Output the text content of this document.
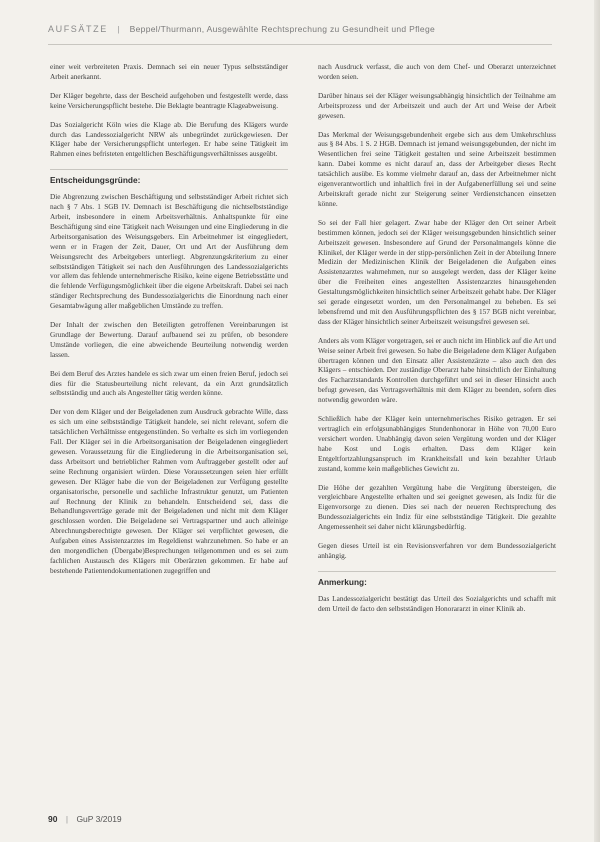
AUFSÄTZE | Beppel/Thurmann, Ausgewählte Rechtsprechung zu Gesundheit und Pflege

einer weit verbreiteten Praxis. Demnach sei ein neuer Typus selbstständiger Arbeit anerkannt.

Der Kläger begehrte, dass der Bescheid aufgehoben und festgestellt werde, dass keine Versicherungspflicht bestehe. Die Beklagte beantragte Klageabweisung.

Das Sozialgericht Köln wies die Klage ab. Die Berufung des Klägers wurde durch das Landessozialgericht NRW als unbegründet zurückgewiesen. Der Kläger habe der Versicherungspflicht unterlegen. Er habe seine Tätigkeit im Rahmen eines befristeten entgeltlichen Beschäftigungsverhältnisses ausgeübt.

Entscheidungsgründe:

Die Abgrenzung zwischen Beschäftigung und selbstständiger Arbeit richtet sich nach § 7 Abs. 1 SGB IV. Demnach ist Beschäftigung die nichtselbstständige Arbeit, insbesondere in einem Arbeitsverhältnis. Anhaltspunkte für eine Beschäftigung sind eine Tätigkeit nach Weisungen und eine Eingliederung in die Arbeitsorganisation des Weisungsgebers. Ein Arbeitnehmer ist eingegliedert, wenn er in Fragen der Zeit, Dauer, Ort und Art der Ausführung dem Weisungsrecht des Arbeitgebers unterliegt. Abgrenzungskriterium zu einer selbstständigen Tätigkeit sei nach den Ausführungen des Landessozialgerichts vor allem das fehlende unternehmerische Risiko, keine eigene Betriebsstätte und die fehlende Verfügungsmöglichkeit über die eigene Arbeitskraft. Dabei sei nach ständiger Rechtsprechung des Bundessozialgerichts die Einordnung nach einer Gesamtabwägung aller maßgeblichen Umstände zu treffen.

Der Inhalt der zwischen den Beteiligten getroffenen Vereinbarungen ist Grundlage der Bewertung. Darauf aufbauend sei zu prüfen, ob besondere Umstände vorliegen, die eine abweichende Beurteilung notwendig werden lassen.

Bei dem Beruf des Arztes handele es sich zwar um einen freien Beruf, jedoch sei dies für die Statusbeurteilung nicht relevant, da ein Arzt grundsätzlich selbstständig und auch als Angestellter tätig werden könne.

Der von dem Kläger und der Beigeladenen zum Ausdruck gebrachte Wille, dass es sich um eine selbstständige Tätigkeit handele, sei nicht relevant, sofern die tatsächlichen Verhältnisse entgegenstünden. So verhalte es sich im vorliegenden Fall. Der Kläger sei in die Arbeitsorganisation der Beigeladenen eingegliedert gewesen. Voraussetzung für die Eingliederung in die Arbeitsorganisation sei, dass Arbeitsort und betrieblicher Rahmen vom Auftraggeber gestellt oder auf seine Rechnung organisiert würden. Diese Voraussetzungen seien hier erfüllt gewesen. Der Kläger habe die von der Beigeladenen zur Verfügung gestellte organisatorische, personelle und sachliche Infrastruktur genutzt, um Patienten auf Rechnung der Klinik zu behandeln. Entscheidend sei, dass die Behandlungsverträge gerade mit der Beigeladenen und nicht mit dem Kläger geschlossen worden. Die Beigeladene sei Vertragspartner und auch alleinige Abrechnungsberechtigte gewesen. Der Kläger sei verpflichtet gewesen, die Aufgaben eines Assistenzarztes im Regeldienst wahrzunehmen. So habe er an den morgendlichen (Übergabe)Besprechungen teilgenommen und es sei zum fachlichen Austausch des Klägers mit Oberärzten gekommen. Er habe auf bestehende Patientendokumentationen zugegriffen und

nach Ausdruck verfasst, die auch von dem Chef- und Oberarzt unterzeichnet worden seien.

Darüber hinaus sei der Kläger weisungsabhängig hinsichtlich der Teilnahme am Arbeitsprozess und der Arbeitszeit und auch der Art und Weise der Arbeit gewesen.

Das Merkmal der Weisungsgebundenheit ergebe sich aus dem Umkehrschluss aus § 84 Abs. 1 S. 2 HGB. Demnach ist jemand weisungsgebunden, der nicht im Wesentlichen frei seine Tätigkeit gestalten und seine Arbeitszeit bestimmen kann. Dabei komme es nicht darauf an, dass der Arbeitgeber dieses Recht tatsächlich ausübe. Es komme vielmehr darauf an, dass der Arbeitnehmer nicht eigenverantwortlich und inhaltlich frei in der Aufgabenerfüllung sei und seine Arbeitskraft gerade nicht zur Steigerung seiner Verdienstchancen einsetzen könne.

So sei der Fall hier gelagert. Zwar habe der Kläger den Ort seiner Arbeit bestimmen können, jedoch sei der Kläger weisungsgebunden hinsichtlich seiner Arbeitszeit gewesen. Insbesondere auf Grund der Personalmangels könne die Klinikel, der Kläger werde in der stipp-persönlichen Zeit in der Abteilung Innere Medizin der Medizinischen Klinik der Beigeladenen die Aufgaben eines Assistenzarztes wahrnehmen, nur so ausgelegt werden, dass der Kläger keine über die Freiheiten eines angestellten Assistenzarztes hinausgehenden Gestaltungsmöglichkeiten hinsichtlich seiner Arbeitszeit gehabt habe. Der Kläger sei gerade eingesetzt worden, um den Personalmangel zu beheben. Es sei lebensfremd und mit den Ausführungspflichten des § 157 BGB nicht vereinbar, dass der Kläger hinsichtlich seiner Arbeitszeit weisungsfrei gewesen sei.

Anders als vom Kläger vorgetragen, sei er auch nicht im Hinblick auf die Art und Weise seiner Arbeit frei gewesen. So habe die Beigeladene dem Kläger Aufgaben übertragen können und den Einsatz aller Assistenzärzte – also auch den des Klägers – entschieden. Der zuständige Oberarzt habe hinsichtlich der Einhaltung des Facharztstandards Kontrollen durchgeführt und sei in dieser Hinsicht auch befugt gewesen, das Vertragsverhältnis mit dem Kläger zu beenden, sofern dies notwendig geworden wäre.

Schließlich habe der Kläger kein unternehmerisches Risiko getragen. Er sei vertraglich ein erfolgsunabhängiges Stundenhonorar in Höhe von 70,00 Euro versichert worden. Unabhängig davon seien Vergütung worden und der Kläger habe Kost und Logis erhalten. Dass dem Kläger kein Entgeltfortzahlungsanspruch im Krankheitsfall und kein bezahlter Urlaub zustand, komme kein maßgebliches Gewicht zu.

Die Höhe der gezahlten Vergütung habe die Vergütung übersteigen, die vergleichbare Angestellte erhalten und sei geeignet gewesen, als Indiz für die Eigenvorsorge zu dienen. Dies sei nach der neueren Rechtsprechung des Bundessozialgerichts ein Indiz für eine selbstständige Tätigkeit. Die gezahlte Angemessenheit sei daher nicht klärungsbedürftig.

Gegen dieses Urteil ist ein Revisionsverfahren vor dem Bundessozialgericht anhängig.

Anmerkung:

Das Landessozialgericht bestätigt das Urteil des Sozialgerichts und schafft mit dem Urteil de facto den selbstständigen Honorararzt in einer Klinik ab.

90 | GuP 3/2019
